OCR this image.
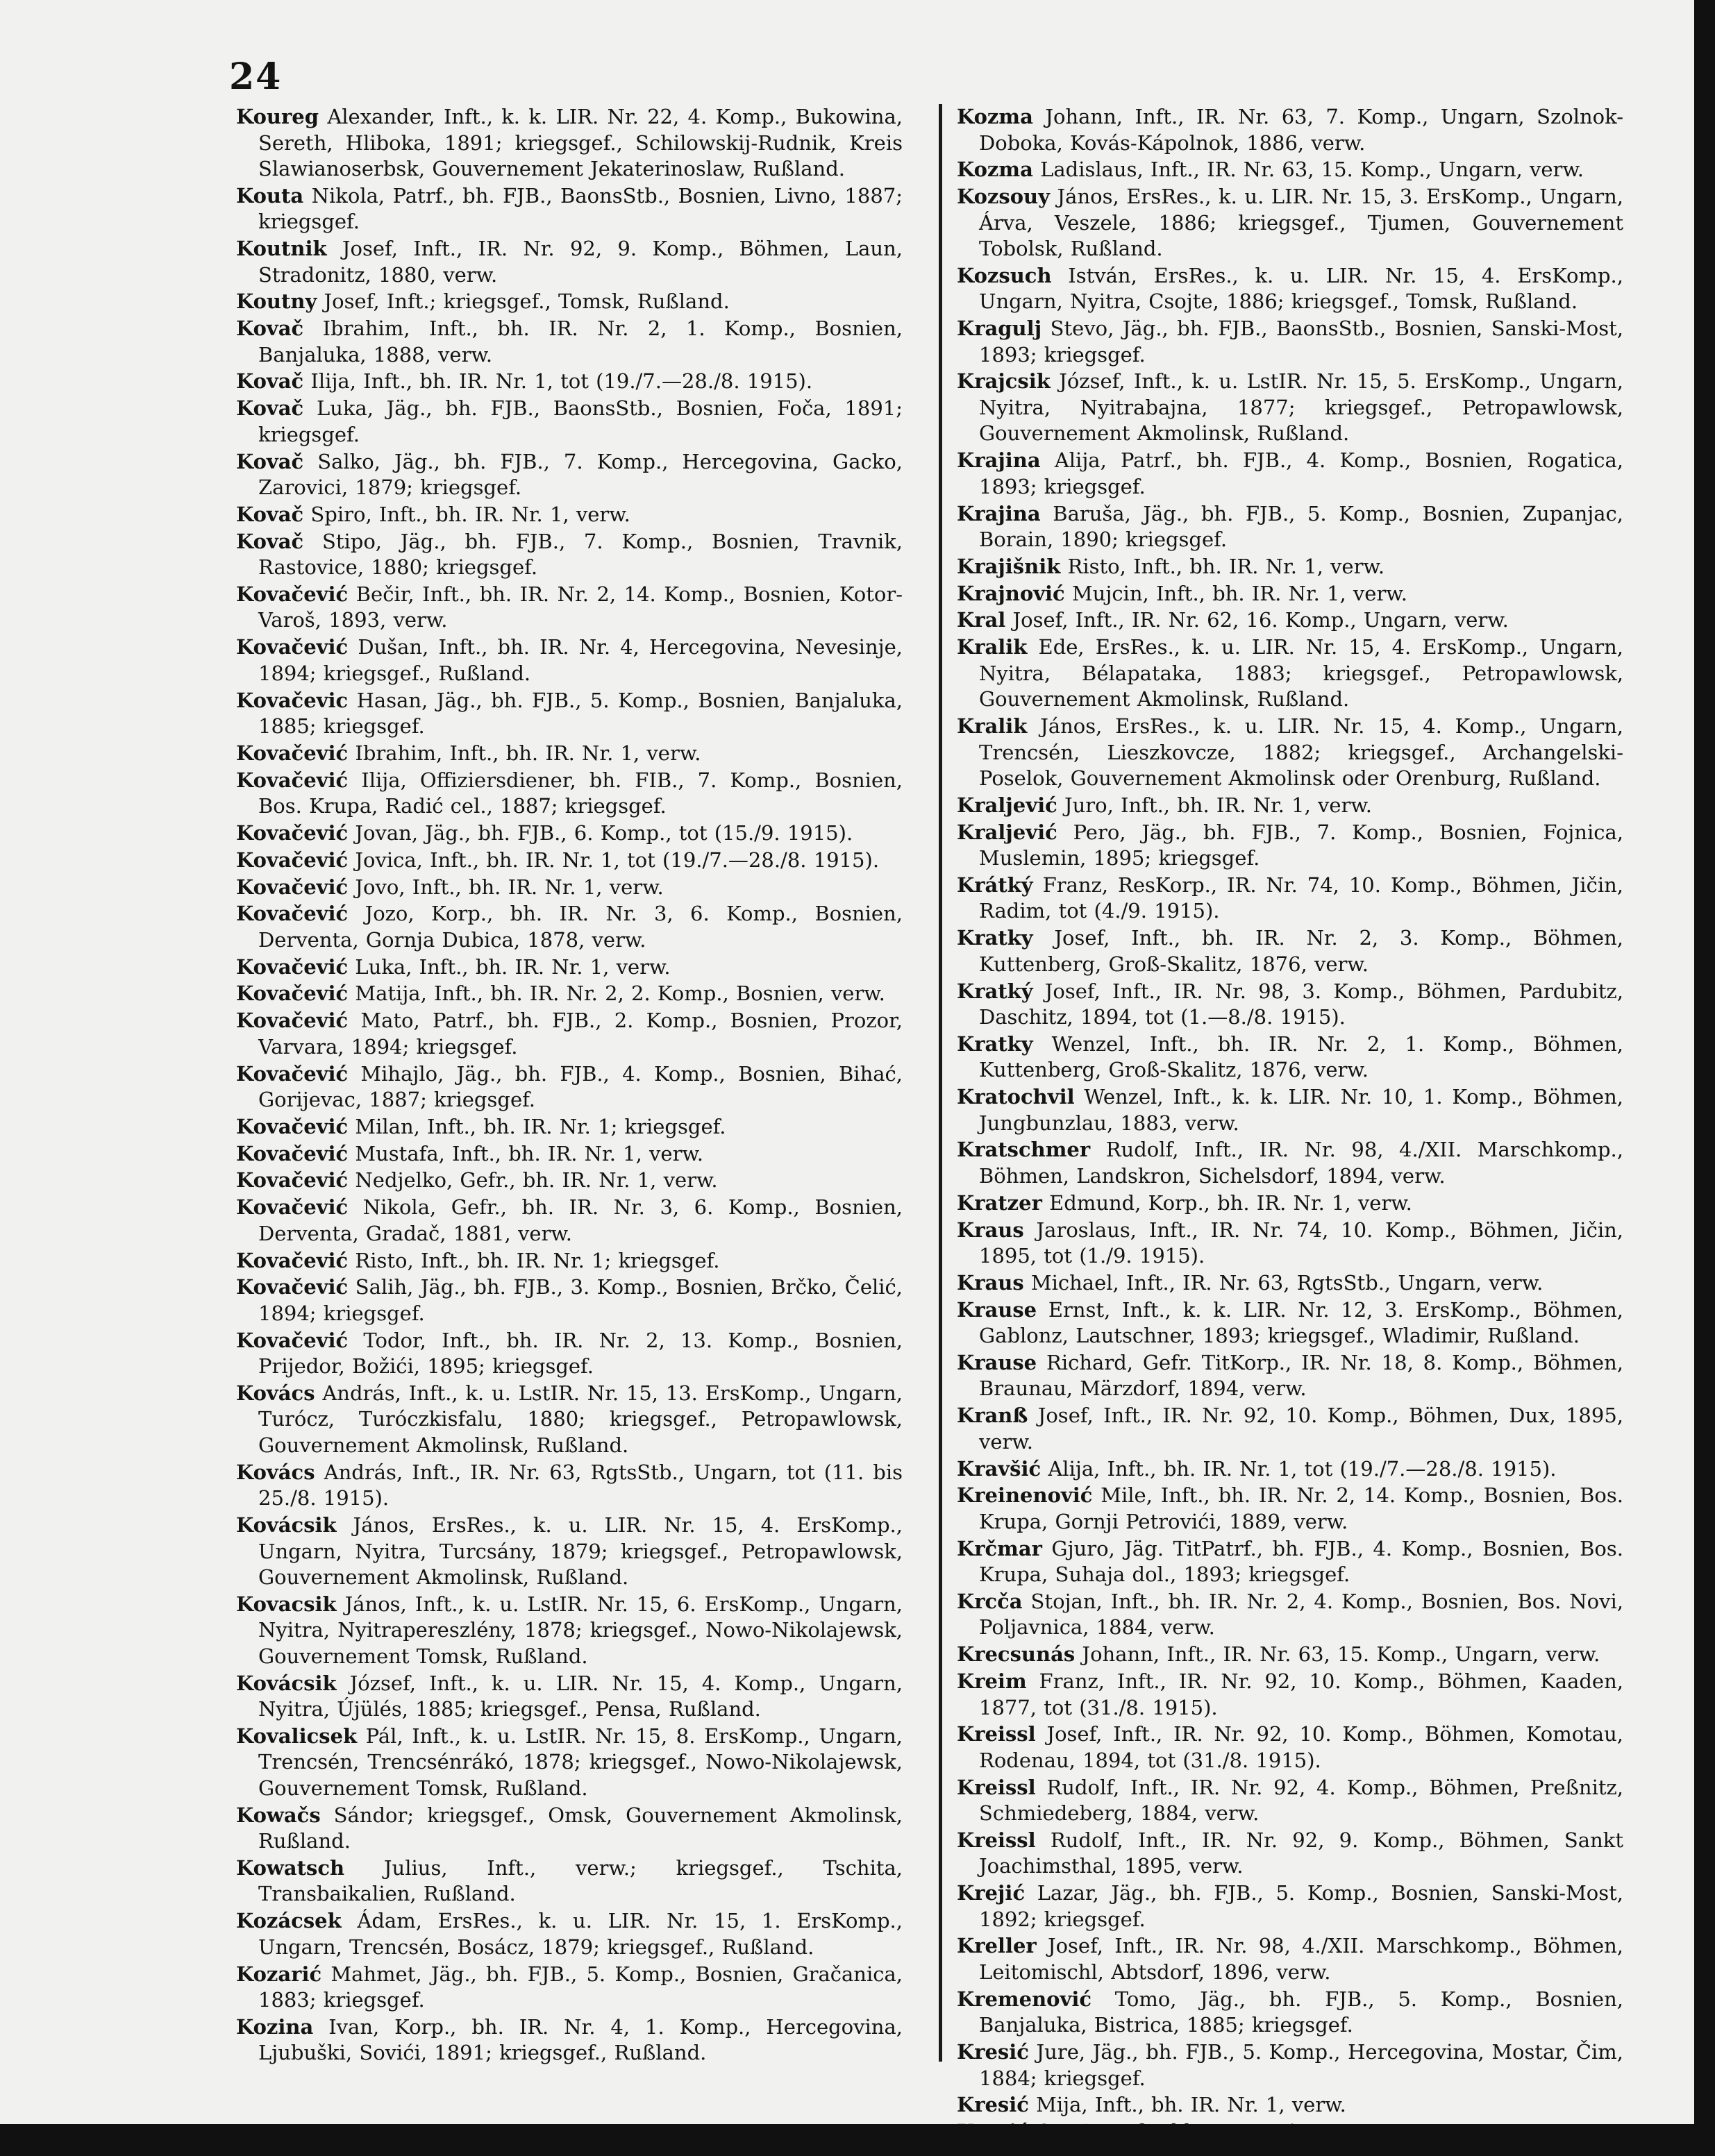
24

Koureg Alexander, Inft., k. k. LIR. Nr. 22, 4. Komp., Bukowina, Sereth, Hliboka, 1891; kriegsgef., Schilowskij-Rudnik, Kreis Slawianoserbsk, Gouvernement Jekaterinoslaw, Rußland.

Kouta Nikola, Patrf., bh. FJB., BaonsStb., Bosnien, Livno, 1887; kriegsgef.

Koutnik Josef, Inft., IR. Nr. 92, 9. Komp., Böhmen, Laun, Stradonitz, 1880, verw.

Koutny Josef, Inft.; kriegsgef., Tomsk, Rußland.

Kovač Ibrahim, Inft., bh. IR. Nr. 2, 1. Komp., Bosnien, Banjaluka, 1888, verw.

Kovač Ilija, Inft., bh. IR. Nr. 1, tot (19./7.—28./8. 1915).

Kovač Luka, Jäg., bh. FJB., BaonsStb., Bosnien, Foča, 1891; kriegsgef.

Kovač Salko, Jäg., bh. FJB., 7. Komp., Hercegovina, Gacko, Zarovici, 1879; kriegsgef.

Kovač Spiro, Inft., bh. IR. Nr. 1, verw.

Kovač Stipo, Jäg., bh. FJB., 7. Komp., Bosnien, Travnik, Rastovice, 1880; kriegsgef.

Kovačević Bečir, Inft., bh. IR. Nr. 2, 14. Komp., Bosnien, Kotor-Varoš, 1893, verw.

Kovačević Dušan, Inft., bh. IR. Nr. 4, Hercegovina, Nevesinje, 1894; kriegsgef., Rußland.

Kovačevic Hasan, Jäg., bh. FJB., 5. Komp., Bosnien, Banjaluka, 1885; kriegsgef.

Kovačević Ibrahim, Inft., bh. IR. Nr. 1, verw.

Kovačević Ilija, Offiziersdiener, bh. FIB., 7. Komp., Bosnien, Bos. Krupa, Radić cel., 1887; kriegsgef.

Kovačević Jovan, Jäg., bh. FJB., 6. Komp., tot (15./9. 1915).

Kovačević Jovica, Inft., bh. IR. Nr. 1, tot (19./7.—28./8. 1915).

Kovačević Jovo, Inft., bh. IR. Nr. 1, verw.

Kovačević Jozo, Korp., bh. IR. Nr. 3, 6. Komp., Bosnien, Derventa, Gornja Dubica, 1878, verw.

Kovačević Luka, Inft., bh. IR. Nr. 1, verw.

Kovačević Matija, Inft., bh. IR. Nr. 2, 2. Komp., Bosnien, verw.

Kovačević Mato, Patrf., bh. FJB., 2. Komp., Bosnien, Prozor, Varvara, 1894; kriegsgef.

Kovačević Mihajlo, Jäg., bh. FJB., 4. Komp., Bosnien, Bihać, Gorijevac, 1887; kriegsgef.

Kovačević Milan, Inft., bh. IR. Nr. 1; kriegsgef.

Kovačević Mustafa, Inft., bh. IR. Nr. 1, verw.

Kovačević Nedjelko, Gefr., bh. IR. Nr. 1, verw.

Kovačević Nikola, Gefr., bh. IR. Nr. 3, 6. Komp., Bosnien, Derventa, Gradač, 1881, verw.

Kovačević Risto, Inft., bh. IR. Nr. 1; kriegsgef.

Kovačević Salih, Jäg., bh. FJB., 3. Komp., Bosnien, Brčko, Čelić, 1894; kriegsgef.

Kovačević Todor, Inft., bh. IR. Nr. 2, 13. Komp., Bosnien, Prijedor, Božići, 1895; kriegsgef.

Kovács András, Inft., k. u. LstIR. Nr. 15, 13. ErsKomp., Ungarn, Turócz, Turóczkisfalu, 1880; kriegsgef., Petropawlowsk, Gouvernement Akmolinsk, Rußland.

Kovács András, Inft., IR. Nr. 63, RgtsStb., Ungarn, tot (11. bis 25./8. 1915).

Kovácsik János, ErsRes., k. u. LIR. Nr. 15, 4. ErsKomp., Ungarn, Nyitra, Turcsány, 1879; kriegsgef., Petropawlowsk, Gouvernement Akmolinsk, Rußland.

Kovacsik János, Inft., k. u. LstIR. Nr. 15, 6. ErsKomp., Ungarn, Nyitra, Nyitrapereszlény, 1878; kriegsgef., Nowo-Nikolajewsk, Gouvernement Tomsk, Rußland.

Kovácsik József, Inft., k. u. LIR. Nr. 15, 4. Komp., Ungarn, Nyitra, Újülés, 1885; kriegsgef., Pensa, Rußland.

Kovalicsek Pál, Inft., k. u. LstIR. Nr. 15, 8. ErsKomp., Ungarn, Trencsén, Trencsénrákó, 1878; kriegsgef., Nowo-Nikolajewsk, Gouvernement Tomsk, Rußland.

Kowačs Sándor; kriegsgef., Omsk, Gouvernement Akmolinsk, Rußland.

Kowatsch Julius, Inft., verw.; kriegsgef., Tschita, Transbaikalien, Rußland.

Kozácsek Ádam, ErsRes., k. u. LIR. Nr. 15, 1. ErsKomp., Ungarn, Trencsén, Bosácz, 1879; kriegsgef., Rußland.

Kozarić Mahmet, Jäg., bh. FJB., 5. Komp., Bosnien, Gračanica, 1883; kriegsgef.

Kozina Ivan, Korp., bh. IR. Nr. 4, 1. Komp., Hercegovina, Ljubuški, Sovići, 1891; kriegsgef., Rußland.

Kozma Johann, Inft., IR. Nr. 63, 7. Komp., Ungarn, Szolnok-Doboka, Kovás-Kápolnok, 1886, verw.

Kozma Ladislaus, Inft., IR. Nr. 63, 15. Komp., Ungarn, verw.

Kozsouy János, ErsRes., k. u. LIR. Nr. 15, 3. ErsKomp., Ungarn, Árva, Veszele, 1886; kriegsgef., Tjumen, Gouvernement Tobolsk, Rußland.

Kozsuch István, ErsRes., k. u. LIR. Nr. 15, 4. ErsKomp., Ungarn, Nyitra, Csojte, 1886; kriegsgef., Tomsk, Rußland.

Kragulj Stevo, Jäg., bh. FJB., BaonsStb., Bosnien, Sanski-Most, 1893; kriegsgef.

Krajcsik József, Inft., k. u. LstIR. Nr. 15, 5. ErsKomp., Ungarn, Nyitra, Nyitrabajna, 1877; kriegsgef., Petropawlowsk, Gouvernement Akmolinsk, Rußland.

Krajina Alija, Patrf., bh. FJB., 4. Komp., Bosnien, Rogatica, 1893; kriegsgef.

Krajina Baruša, Jäg., bh. FJB., 5. Komp., Bosnien, Zupanjac, Borain, 1890; kriegsgef.

Krajišnik Risto, Inft., bh. IR. Nr. 1, verw.

Krajnović Mujcin, Inft., bh. IR. Nr. 1, verw.

Kral Josef, Inft., IR. Nr. 62, 16. Komp., Ungarn, verw.

Kralik Ede, ErsRes., k. u. LIR. Nr. 15, 4. ErsKomp., Ungarn, Nyitra, Bélapataka, 1883; kriegsgef., Petropawlowsk, Gouvernement Akmolinsk, Rußland.

Kralik János, ErsRes., k. u. LIR. Nr. 15, 4. Komp., Ungarn, Trencsén, Lieszkovcze, 1882; kriegsgef., Archangelski-Poselok, Gouvernement Akmolinsk oder Orenburg, Rußland.

Kraljević Juro, Inft., bh. IR. Nr. 1, verw.

Kraljević Pero, Jäg., bh. FJB., 7. Komp., Bosnien, Fojnica, Muslemin, 1895; kriegsgef.

Krátký Franz, ResKorp., IR. Nr. 74, 10. Komp., Böhmen, Jičin, Radim, tot (4./9. 1915).

Kratky Josef, Inft., bh. IR. Nr. 2, 3. Komp., Böhmen, Kuttenberg, Groß-Skalitz, 1876, verw.

Kratký Josef, Inft., IR. Nr. 98, 3. Komp., Böhmen, Pardubitz, Daschitz, 1894, tot (1.—8./8. 1915).

Kratky Wenzel, Inft., bh. IR. Nr. 2, 1. Komp., Böhmen, Kuttenberg, Groß-Skalitz, 1876, verw.

Kratochvil Wenzel, Inft., k. k. LIR. Nr. 10, 1. Komp., Böhmen, Jungbunzlau, 1883, verw.

Kratschmer Rudolf, Inft., IR. Nr. 98, 4./XII. Marschkomp., Böhmen, Landskron, Sichelsdorf, 1894, verw.

Kratzer Edmund, Korp., bh. IR. Nr. 1, verw.

Kraus Jaroslaus, Inft., IR. Nr. 74, 10. Komp., Böhmen, Jičin, 1895, tot (1./9. 1915).

Kraus Michael, Inft., IR. Nr. 63, RgtsStb., Ungarn, verw.

Krause Ernst, Inft., k. k. LIR. Nr. 12, 3. ErsKomp., Böhmen, Gablonz, Lautschner, 1893; kriegsgef., Wladimir, Rußland.

Krause Richard, Gefr. TitKorp., IR. Nr. 18, 8. Komp., Böhmen, Braunau, Märzdorf, 1894, verw.

Kranß Josef, Inft., IR. Nr. 92, 10. Komp., Böhmen, Dux, 1895, verw.

Kravšić Alija, Inft., bh. IR. Nr. 1, tot (19./7.—28./8. 1915).

Kreinenović Mile, Inft., bh. IR. Nr. 2, 14. Komp., Bosnien, Bos. Krupa, Gornji Petrovići, 1889, verw.

Krčmar Gjuro, Jäg. TitPatrf., bh. FJB., 4. Komp., Bosnien, Bos. Krupa, Suhaja dol., 1893; kriegsgef.

Krcča Stojan, Inft., bh. IR. Nr. 2, 4. Komp., Bosnien, Bos. Novi, Poljavnica, 1884, verw.

Krecsunás Johann, Inft., IR. Nr. 63, 15. Komp., Ungarn, verw.

Kreim Franz, Inft., IR. Nr. 92, 10. Komp., Böhmen, Kaaden, 1877, tot (31./8. 1915).

Kreissl Josef, Inft., IR. Nr. 92, 10. Komp., Böhmen, Komotau, Rodenau, 1894, tot (31./8. 1915).

Kreissl Rudolf, Inft., IR. Nr. 92, 4. Komp., Böhmen, Preßnitz, Schmiedeberg, 1884, verw.

Kreissl Rudolf, Inft., IR. Nr. 92, 9. Komp., Böhmen, Sankt Joachimsthal, 1895, verw.

Krejić Lazar, Jäg., bh. FJB., 5. Komp., Bosnien, Sanski-Most, 1892; kriegsgef.

Kreller Josef, Inft., IR. Nr. 98, 4./XII. Marschkomp., Böhmen, Leitomischl, Abtsdorf, 1896, verw.

Kremenović Tomo, Jäg., bh. FJB., 5. Komp., Bosnien, Banjaluka, Bistrica, 1885; kriegsgef.

Kresić Jure, Jäg., bh. FJB., 5. Komp., Hercegovina, Mostar, Čim, 1884; kriegsgef.

Kresić Mija, Inft., bh. IR. Nr. 1, verw.
